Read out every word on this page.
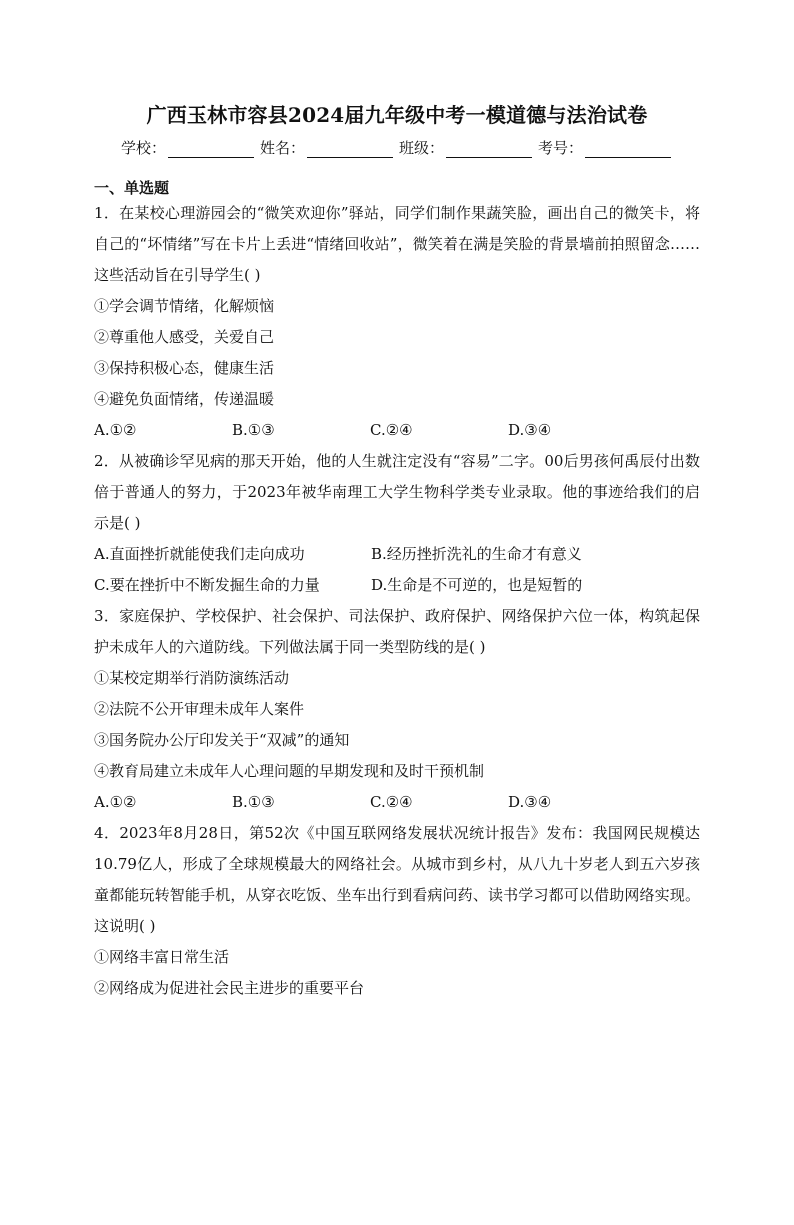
广西玉林市容县2024届九年级中考一模道德与法治试卷
学校：	姓名：	班级：	考号：
一、单选题
1．在某校心理游园会的“微笑欢迎你”驿站，同学们制作果蔬笑脸，画出自己的微笑卡，将自己的“坏情绪”写在卡片上丢进“情绪回收站”，微笑着在满是笑脸的背景墙前拍照留念……这些活动旨在引导学生( )
①学会调节情绪，化解烦恼
②尊重他人感受，关爱自己
③保持积极心态，健康生活
④避免负面情绪，传递温暖
A.①②	B.①③	C.②④	D.③④
2．从被确诊罕见病的那天开始，他的人生就注定没有“容易”二字。00后男孩何禹辰付出数倍于普通人的努力，于2023年被华南理工大学生物科学类专业录取。他的事迹给我们的启示是( )
A.直面挫折就能使我们走向成功	B.经历挫折洗礼的生命才有意义
C.要在挫折中不断发掘生命的力量	D.生命是不可逆的，也是短暂的
3．家庭保护、学校保护、社会保护、司法保护、政府保护、网络保护六位一体，构筑起保护未成年人的六道防线。下列做法属于同一类型防线的是( )
①某校定期举行消防演练活动
②法院不公开审理未成年人案件
③国务院办公厅印发关于“双减”的通知
④教育局建立未成年人心理问题的早期发现和及时干预机制
A.①②	B.①③	C.②④	D.③④
4．2023年8月28日，第52次《中国互联网络发展状况统计报告》发布：我国网民规模达10.79亿人，形成了全球规模最大的网络社会。从城市到乡村，从八九十岁老人到五六岁孩童都能玩转智能手机，从穿衣吃饭、坐车出行到看病问药、读书学习都可以借助网络实现。这说明( )
①网络丰富日常生活
②网络成为促进社会民主进步的重要平台
